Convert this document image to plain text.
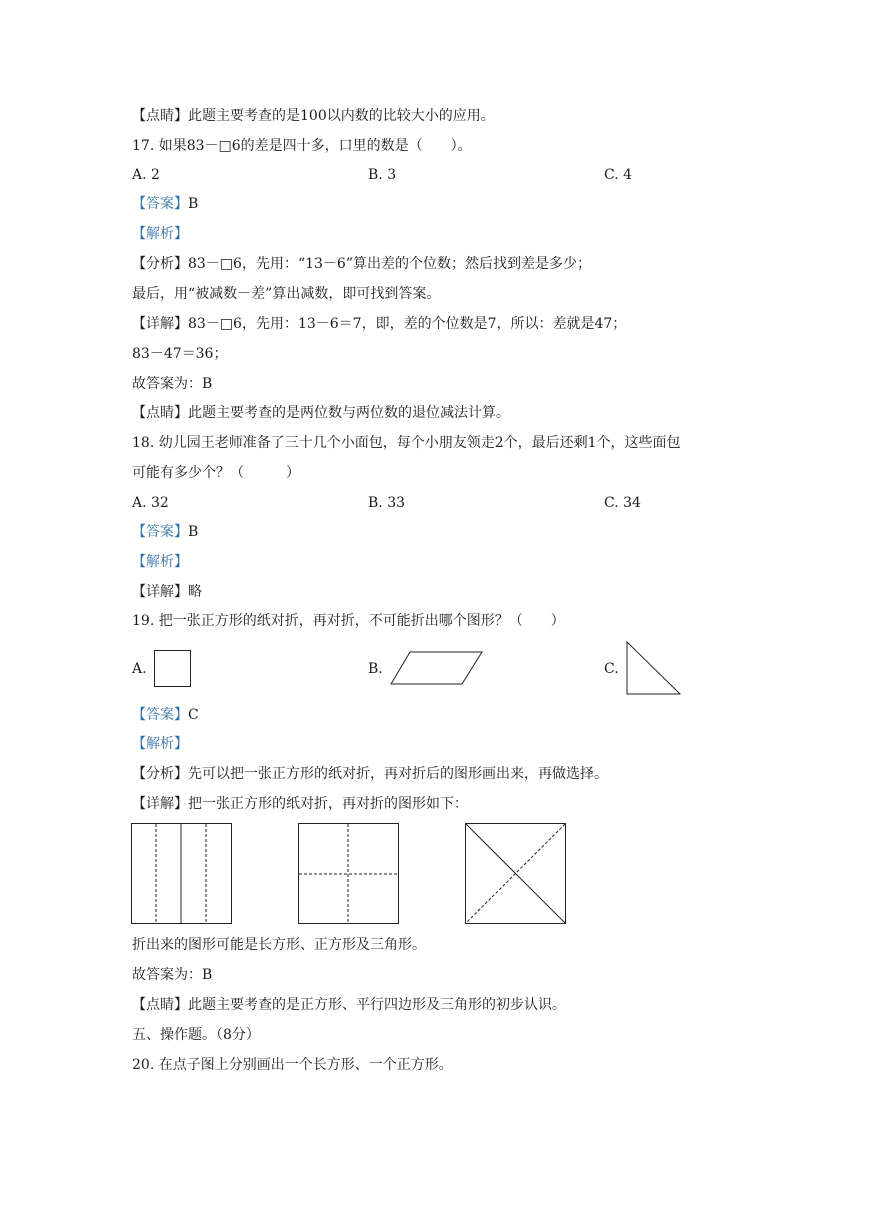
【点睛】此题主要考查的是100以内数的比较大小的应用。
17. 如果83－□6的差是四十多，口里的数是（　　）。
A. 2	B. 3	C. 4
【答案】B
【解析】
【分析】83－□6，先用：“13－6”算出差的个位数；然后找到差是多少；
最后，用“被减数－差”算出减数，即可找到答案。
【详解】83－□6，先用：13－6＝7，即，差的个位数是7，所以：差就是47；
83－47＝36；
故答案为：B
【点睛】此题主要考查的是两位数与两位数的退位减法计算。
18. 幼儿园王老师准备了三十几个小面包，每个小朋友领走2个，最后还剩1个，这些面包
可能有多少个？（　　　）
A. 32	B. 33	C. 34
【答案】B
【解析】
【详解】略
19. 把一张正方形的纸对折，再对折，不可能折出哪个图形？（　　）
A.	B.	C.
【答案】C
【解析】
【分析】先可以把一张正方形的纸对折，再对折后的图形画出来，再做选择。
【详解】把一张正方形的纸对折，再对折的图形如下：
折出来的图形可能是长方形、正方形及三角形。
故答案为：B
【点睛】此题主要考查的是正方形、平行四边形及三角形的初步认识。
五、操作题。（8分）
20. 在点子图上分别画出一个长方形、一个正方形。
